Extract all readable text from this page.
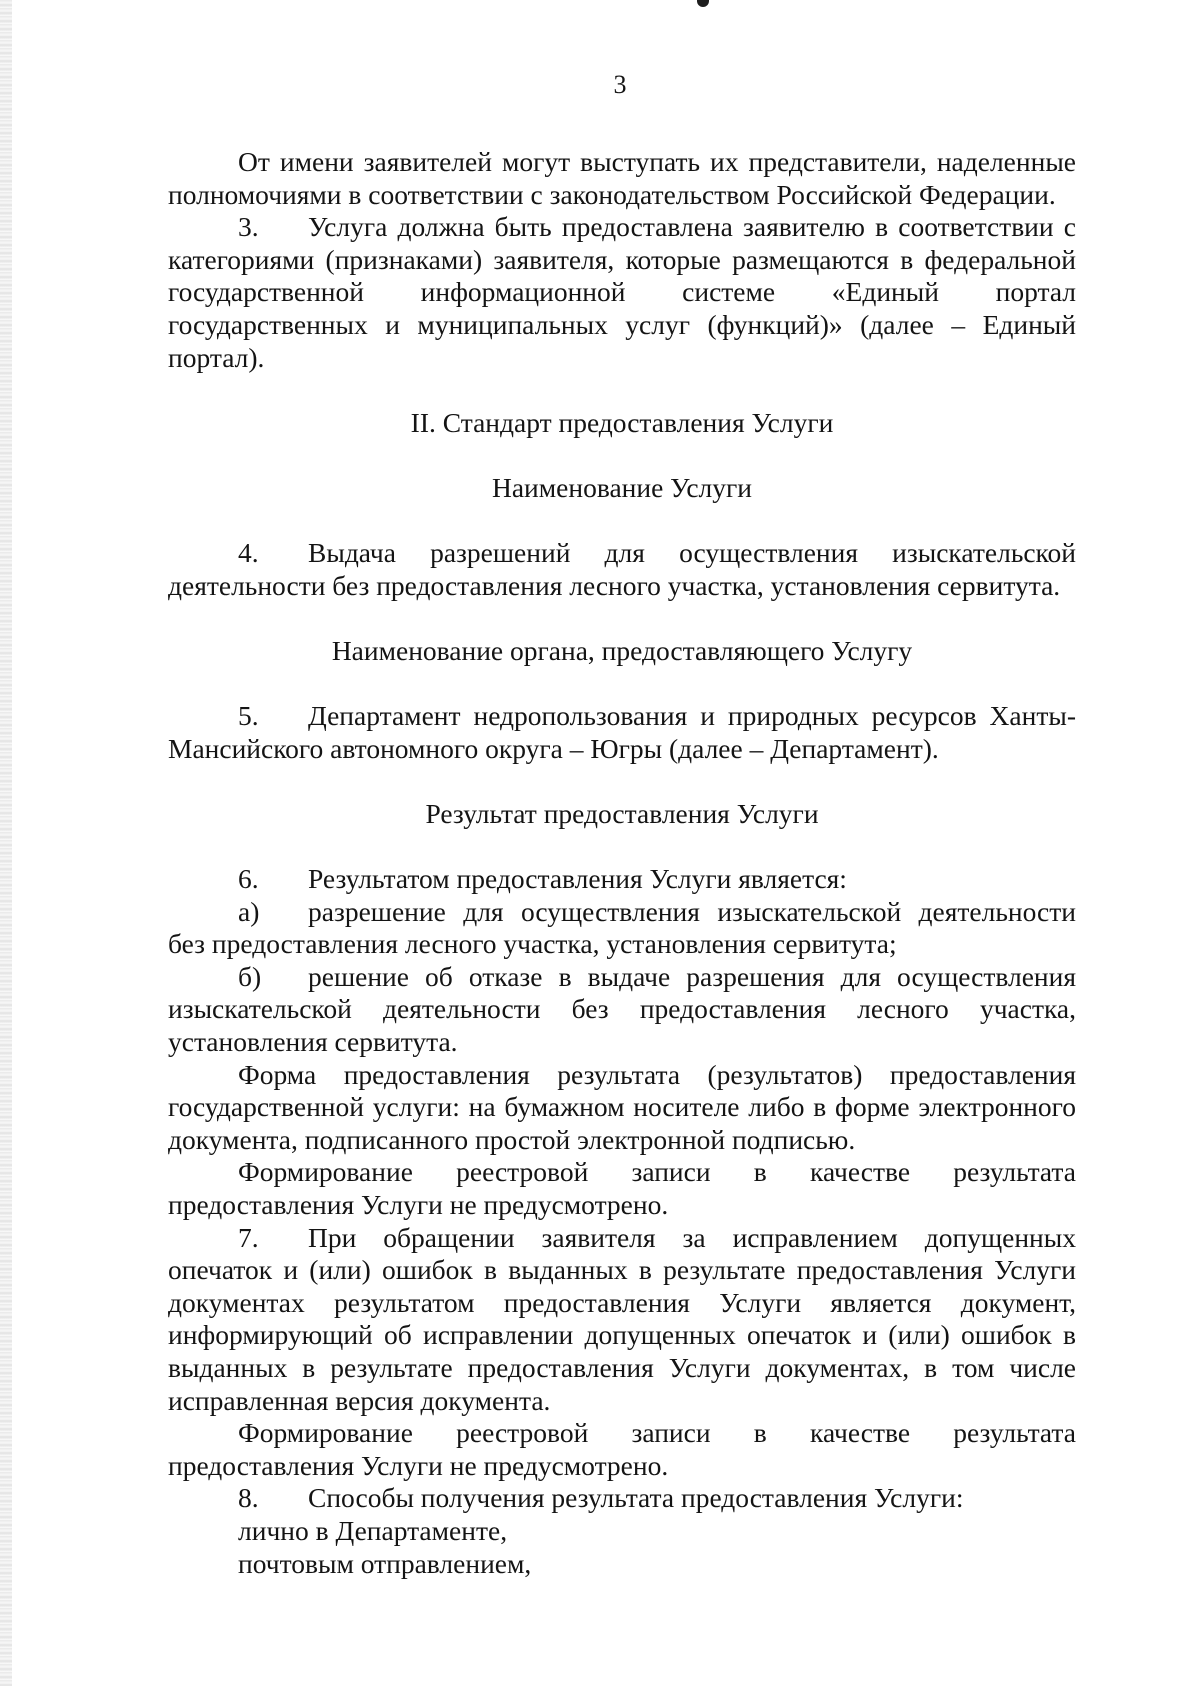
3

От имени заявителей могут выступать их представители, наделенные полномочиями в соответствии с законодательством Российской Федерации.

3. Услуга должна быть предоставлена заявителю в соответствии с категориями (признаками) заявителя, которые размещаются в федеральной государственной информационной системе «Единый портал государственных и муниципальных услуг (функций)» (далее – Единый портал).

II. Стандарт предоставления Услуги

Наименование Услуги

4. Выдача разрешений для осуществления изыскательской деятельности без предоставления лесного участка, установления сервитута.

Наименование органа, предоставляющего Услугу

5. Департамент недропользования и природных ресурсов Ханты-Мансийского автономного округа – Югры (далее – Департамент).

Результат предоставления Услуги

6. Результатом предоставления Услуги является:

а) разрешение для осуществления изыскательской деятельности без предоставления лесного участка, установления сервитута;

б) решение об отказе в выдаче разрешения для осуществления изыскательской деятельности без предоставления лесного участка, установления сервитута.

Форма предоставления результата (результатов) предоставления государственной услуги: на бумажном носителе либо в форме электронного документа, подписанного простой электронной подписью.

Формирование реестровой записи в качестве результата предоставления Услуги не предусмотрено.

7. При обращении заявителя за исправлением допущенных опечаток и (или) ошибок в выданных в результате предоставления Услуги документах результатом предоставления Услуги является документ, информирующий об исправлении допущенных опечаток и (или) ошибок в выданных в результате предоставления Услуги документах, в том числе исправленная версия документа.

Формирование реестровой записи в качестве результата предоставления Услуги не предусмотрено.

8. Способы получения результата предоставления Услуги:

лично в Департаменте,

почтовым отправлением,
